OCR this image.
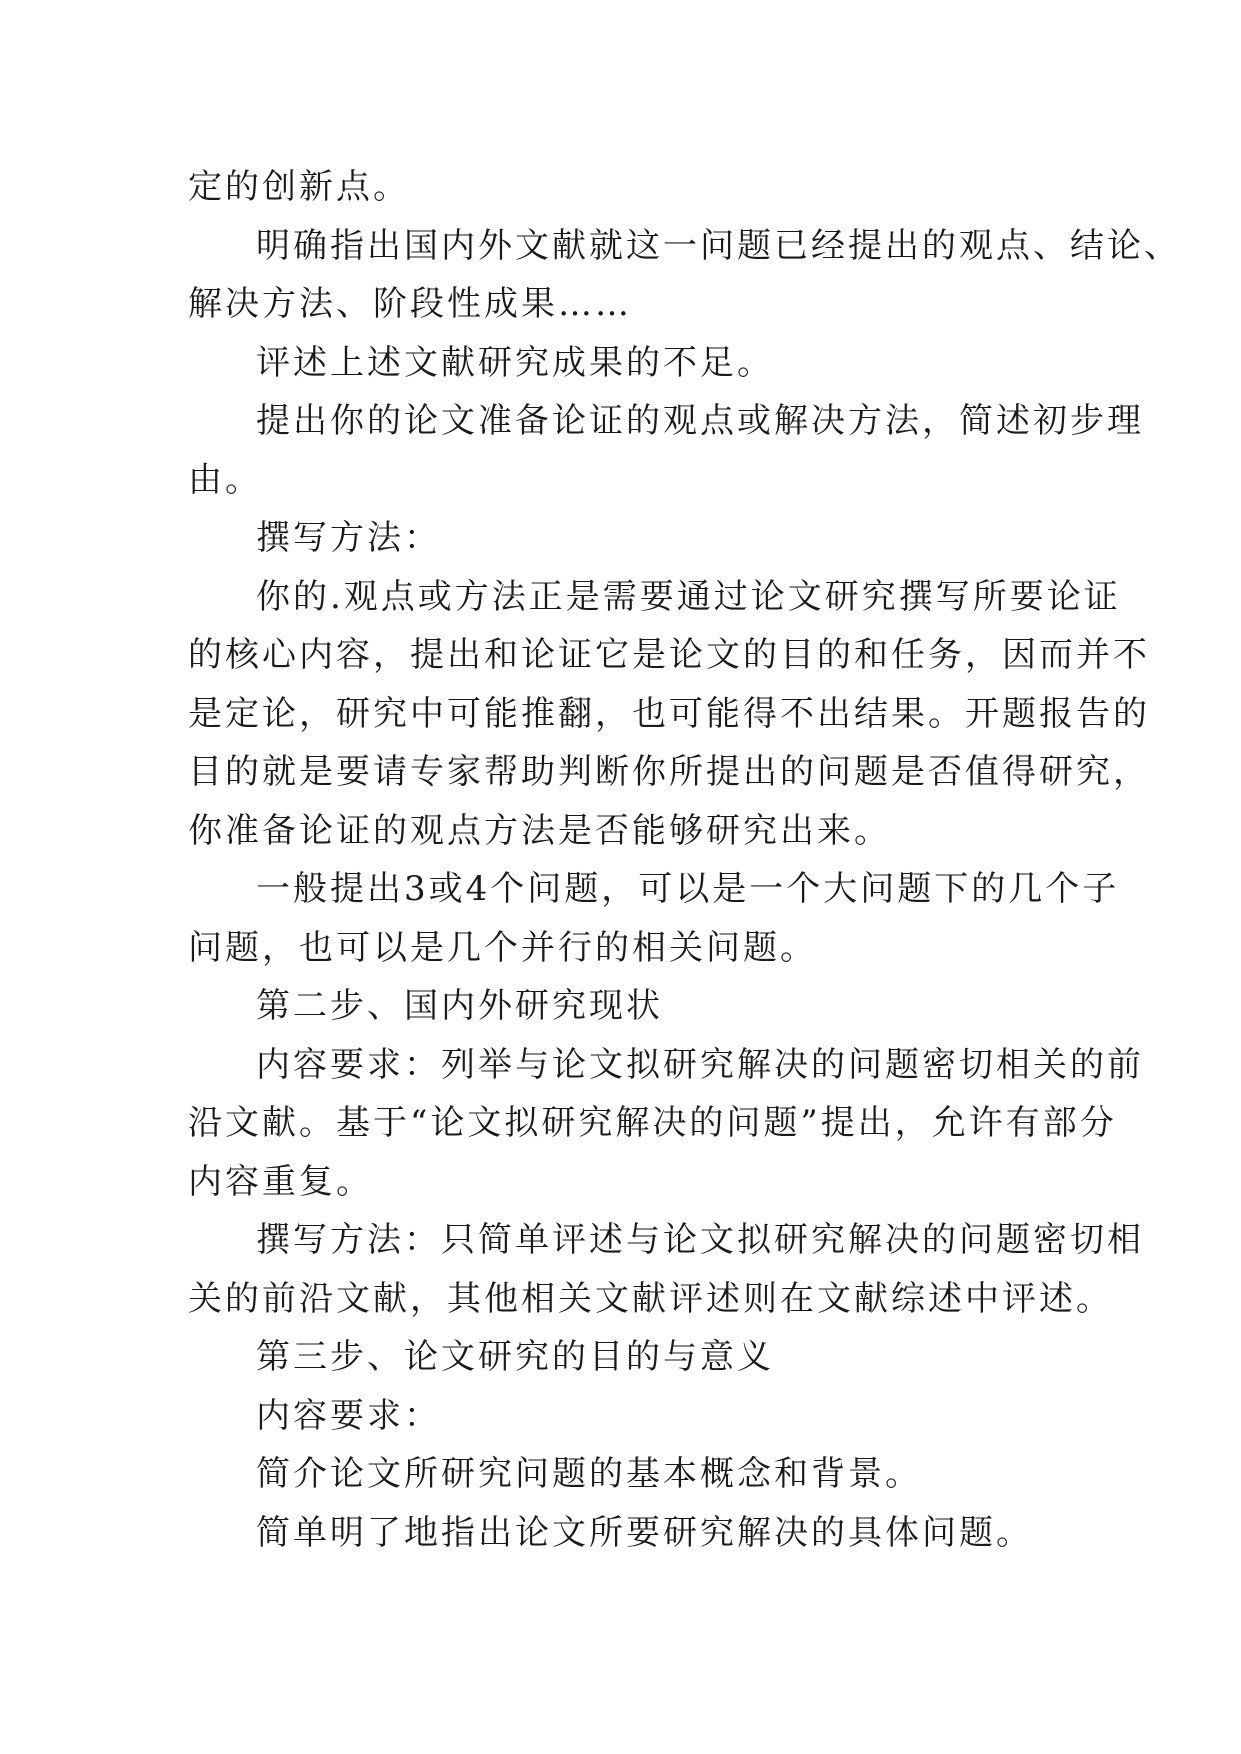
定的创新点。
明确指出国内外文献就这一问题已经提出的观点、结论、
解决方法、阶段性成果……
评述上述文献研究成果的不足。
提出你的论文准备论证的观点或解决方法，简述初步理
由。
撰写方法：
你的.观点或方法正是需要通过论文研究撰写所要论证
的核心内容，提出和论证它是论文的目的和任务，因而并不
是定论，研究中可能推翻，也可能得不出结果。开题报告的
目的就是要请专家帮助判断你所提出的问题是否值得研究，
你准备论证的观点方法是否能够研究出来。
一般提出3或4个问题，可以是一个大问题下的几个子
问题，也可以是几个并行的相关问题。
第二步、国内外研究现状
内容要求：列举与论文拟研究解决的问题密切相关的前
沿文献。基于“论文拟研究解决的问题”提出，允许有部分
内容重复。
撰写方法：只简单评述与论文拟研究解决的问题密切相
关的前沿文献，其他相关文献评述则在文献综述中评述。
第三步、论文研究的目的与意义
内容要求：
简介论文所研究问题的基本概念和背景。
简单明了地指出论文所要研究解决的具体问题。
